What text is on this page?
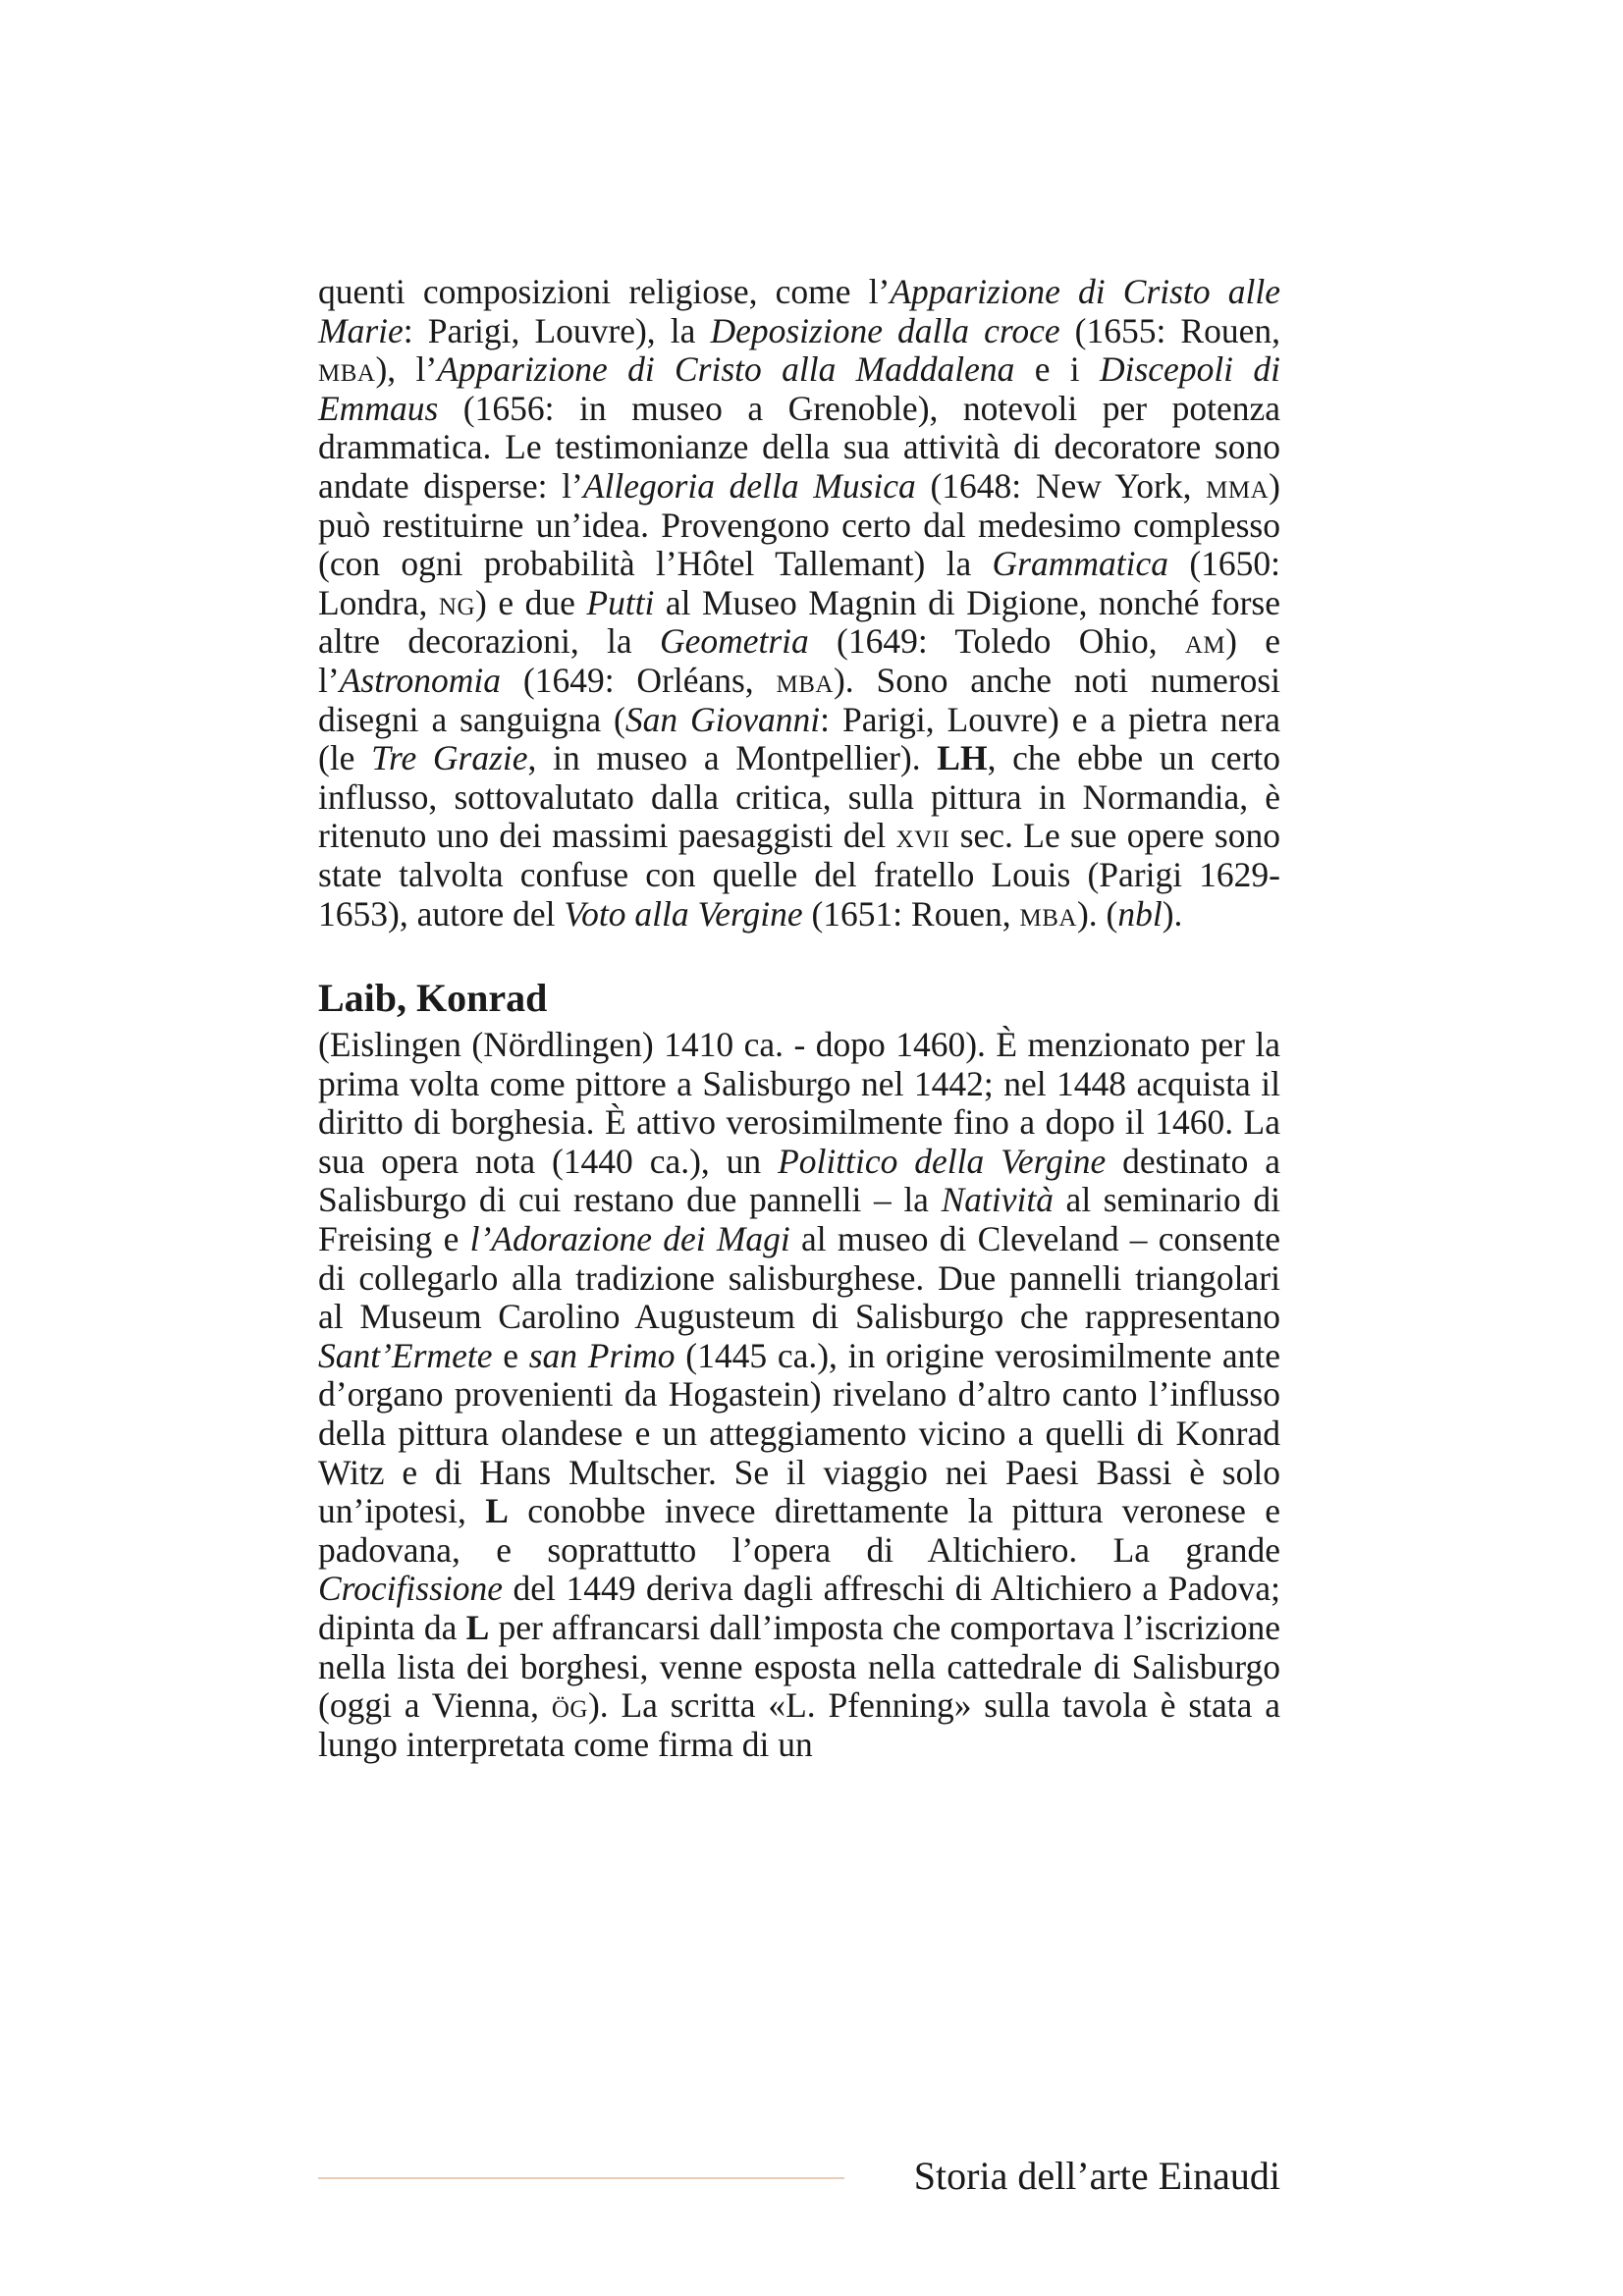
quenti composizioni religiose, come l’Apparizione di Cristo alle Marie: Parigi, Louvre), la Deposizione dalla croce (1655: Rouen, mba), l’Apparizione di Cristo alla Maddalena e i Discepoli di Emmaus (1656: in museo a Grenoble), notevoli per potenza drammatica. Le testimonianze della sua attività di decoratore sono andate disperse: l’Allegoria della Musica (1648: New York, mma) può restituirne un’idea. Provengono certo dal medesimo complesso (con ogni probabilità l’Hôtel Tallemant) la Grammatica (1650: Londra, ng) e due Putti al Museo Magnin di Digione, nonché forse altre decorazioni, la Geometria (1649: Toledo Ohio, am) e l’Astronomia (1649: Orléans, mba). Sono anche noti numerosi disegni a sanguigna (San Giovanni: Parigi, Louvre) e a pietra nera (le Tre Grazie, in museo a Montpellier). LH, che ebbe un certo influsso, sottovalutato dalla critica, sulla pittura in Normandia, è ritenuto uno dei massimi paesaggisti del xvii sec. Le sue opere sono state talvolta confuse con quelle del fratello Louis (Parigi 1629-1653), autore del Voto alla Vergine (1651: Rouen, mba). (nbl).

Laib, Konrad

(Eislingen (Nördlingen) 1410 ca. - dopo 1460). È menzionato per la prima volta come pittore a Salisburgo nel 1442; nel 1448 acquista il diritto di borghesia. È attivo verosimilmente fino a dopo il 1460. La sua opera nota (1440 ca.), un Polittico della Vergine destinato a Salisburgo di cui restano due pannelli – la Natività al seminario di Freising e l’Adorazione dei Magi al museo di Cleveland – consente di collegarlo alla tradizione salisburghese. Due pannelli triangolari al Museum Carolino Augusteum di Salisburgo che rappresentano Sant’Ermete e san Primo (1445 ca.), in origine verosimilmente ante d’organo provenienti da Hogastein) rivelano d’altro canto l’influsso della pittura olandese e un atteggiamento vicino a quelli di Konrad Witz e di Hans Multscher. Se il viaggio nei Paesi Bassi è solo un’ipotesi, L conobbe invece direttamente la pittura veronese e padovana, e soprattutto l’opera di Altichiero. La grande Crocifissione del 1449 deriva dagli affreschi di Altichiero a Padova; dipinta da L per affrancarsi dall’imposta che comportava l’iscrizione nella lista dei borghesi, venne esposta nella cattedrale di Salisburgo (oggi a Vienna, ög). La scritta «L. Pfenning» sulla tavola è stata a lungo interpretata come firma di un

Storia dell’arte Einaudi
